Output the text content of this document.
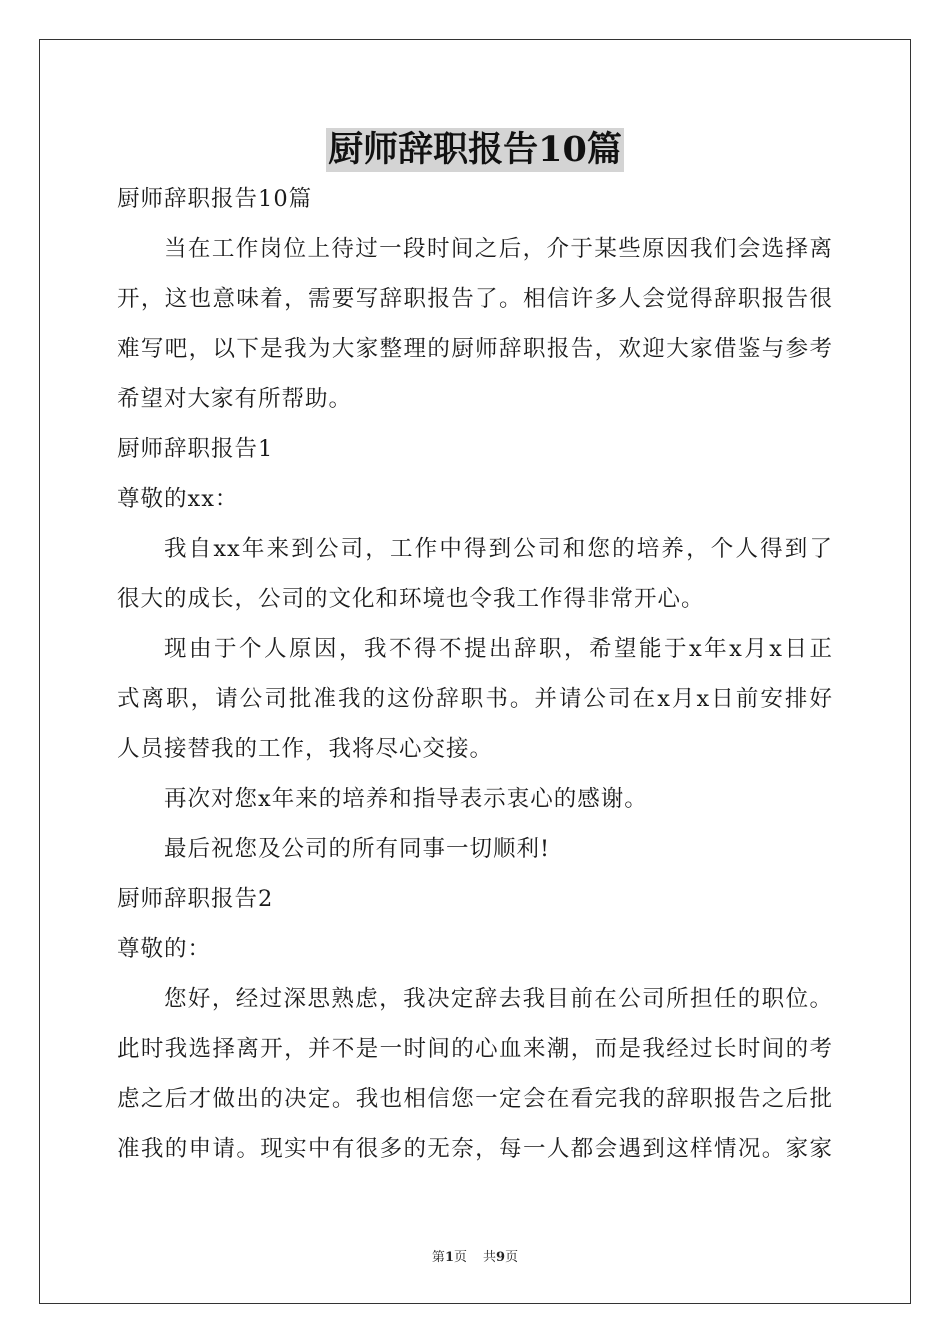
厨师辞职报告10篇
厨师辞职报告10篇
当在工作岗位上待过一段时间之后，介于某些原因我们会选择离
开，这也意味着，需要写辞职报告了。相信许多人会觉得辞职报告很
难写吧，以下是我为大家整理的厨师辞职报告，欢迎大家借鉴与参考
希望对大家有所帮助。
厨师辞职报告1
尊敬的xx：
我自xx年来到公司，工作中得到公司和您的培养，个人得到了
很大的成长，公司的文化和环境也令我工作得非常开心。
现由于个人原因，我不得不提出辞职，希望能于x年x月x日正
式离职，请公司批准我的这份辞职书。并请公司在x月x日前安排好
人员接替我的工作，我将尽心交接。
再次对您x年来的培养和指导表示衷心的感谢。
最后祝您及公司的所有同事一切顺利!
厨师辞职报告2
尊敬的：
您好，经过深思熟虑，我决定辞去我目前在公司所担任的职位。
此时我选择离开，并不是一时间的心血来潮，而是我经过长时间的考
虑之后才做出的决定。我也相信您一定会在看完我的辞职报告之后批
准我的申请。现实中有很多的无奈，每一人都会遇到这样情况。家家
第1页 共9页
